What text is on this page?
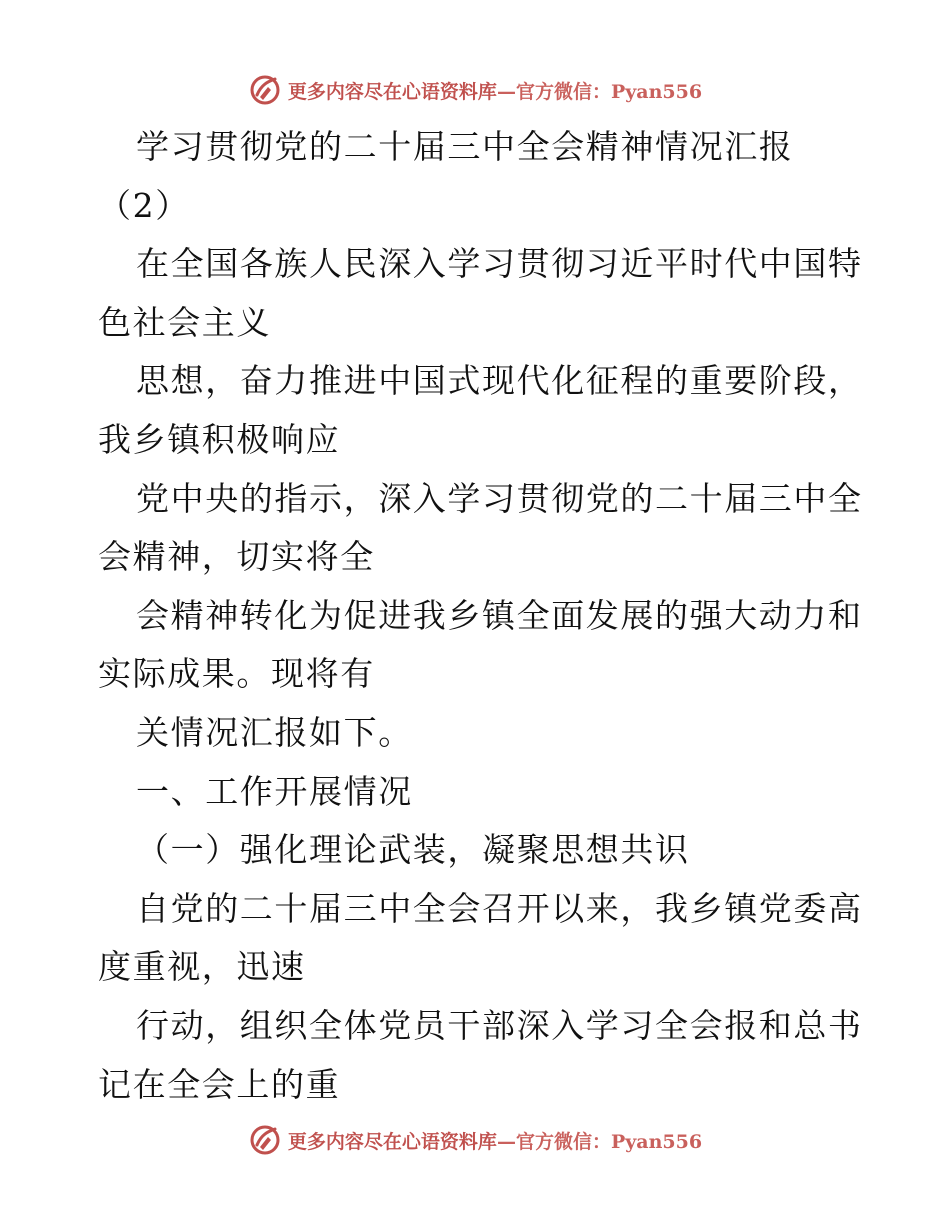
更多内容尽在心语资料库—官方微信：Pyan556
学习贯彻党的二十届三中全会精神情况汇报
（2）
在全国各族人民深入学习贯彻习近平时代中国特
色社会主义
思想，奋力推进中国式现代化征程的重要阶段，
我乡镇积极响应
党中央的指示，深入学习贯彻党的二十届三中全
会精神，切实将全
会精神转化为促进我乡镇全面发展的强大动力和
实际成果。现将有
关情况汇报如下。
一、工作开展情况
（一）强化理论武装，凝聚思想共识
自党的二十届三中全会召开以来，我乡镇党委高
度重视，迅速
行动，组织全体党员干部深入学习全会报和总书
记在全会上的重
更多内容尽在心语资料库—官方微信：Pyan556
